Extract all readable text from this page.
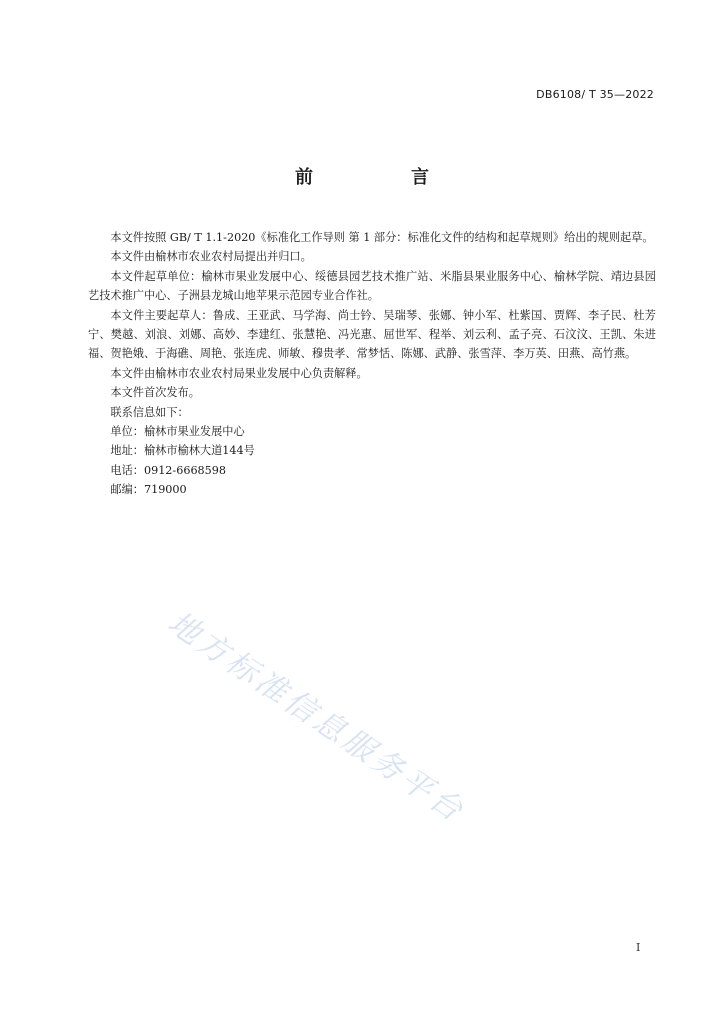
DB6108/ T 35—2022
前　言

本文件按照 GB/ T 1.1-2020《标准化工作导则 第 1 部分：标准化文件的结构和起草规则》给出的规则起草。

本文件由榆林市农业农村局提出并归口。

本文件起草单位：榆林市果业发展中心、绥德县园艺技术推广站、米脂县果业服务中心、榆林学院、靖边县园艺技术推广中心、子洲县龙城山地苹果示范园专业合作社。

本文件主要起草人：鲁成、王亚武、马学海、尚士钤、吴瑞琴、张娜、钟小军、杜紫国、贾辉、李子民、杜芳宁、樊越、刘浪、刘娜、高妙、李建红、张慧艳、冯光惠、屈世军、程举、刘云利、孟子亮、石汶汶、王凯、朱进福、贺艳娥、于海礁、周艳、张连虎、师敏、穆贵孝、常梦恬、陈娜、武静、张雪萍、李万英、田燕、高竹燕。

本文件由榆林市农业农村局果业发展中心负责解释。

本文件首次发布。

联系信息如下：

单位：榆林市果业发展中心

地址：榆林市榆林大道144号

电话：0912-6668598

邮编：719000

地方标准信息服务平台
I
